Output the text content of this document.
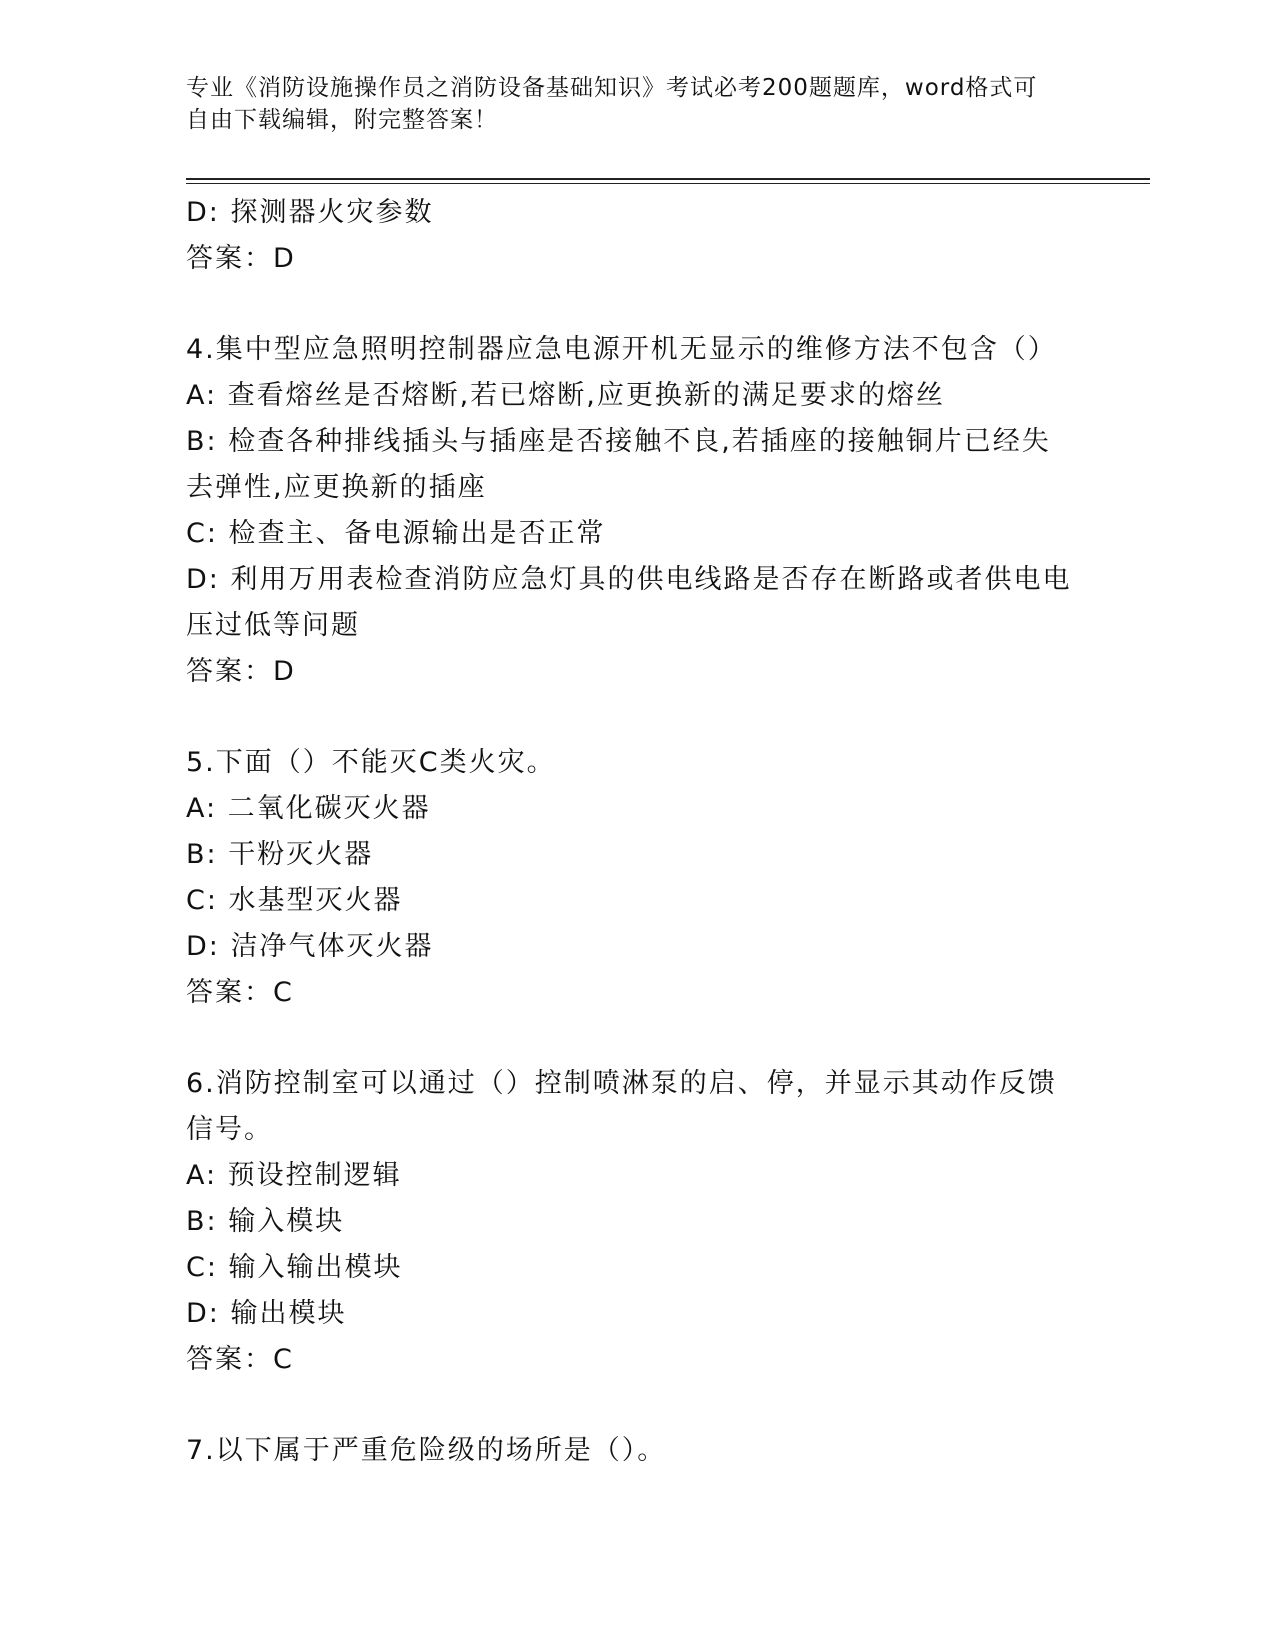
专业《消防设施操作员之消防设备基础知识》考试必考200题题库，word格式可
自由下载编辑，附完整答案！
D: 探测器火灾参数
答案：D
4.集中型应急照明控制器应急电源开机无显示的维修方法不包含（）
A: 查看熔丝是否熔断,若已熔断,应更换新的满足要求的熔丝
B: 检查各种排线插头与插座是否接触不良,若插座的接触铜片已经失
去弹性,应更换新的插座
C: 检查主、备电源输出是否正常
D: 利用万用表检查消防应急灯具的供电线路是否存在断路或者供电电
压过低等问题
答案：D
5.下面（）不能灭C类火灾。
A: 二氧化碳灭火器
B: 干粉灭火器
C: 水基型灭火器
D: 洁净气体灭火器
答案：C
6.消防控制室可以通过（）控制喷淋泵的启、停，并显示其动作反馈
信号。
A: 预设控制逻辑
B: 输入模块
C: 输入输出模块
D: 输出模块
答案：C
7.以下属于严重危险级的场所是（）。
